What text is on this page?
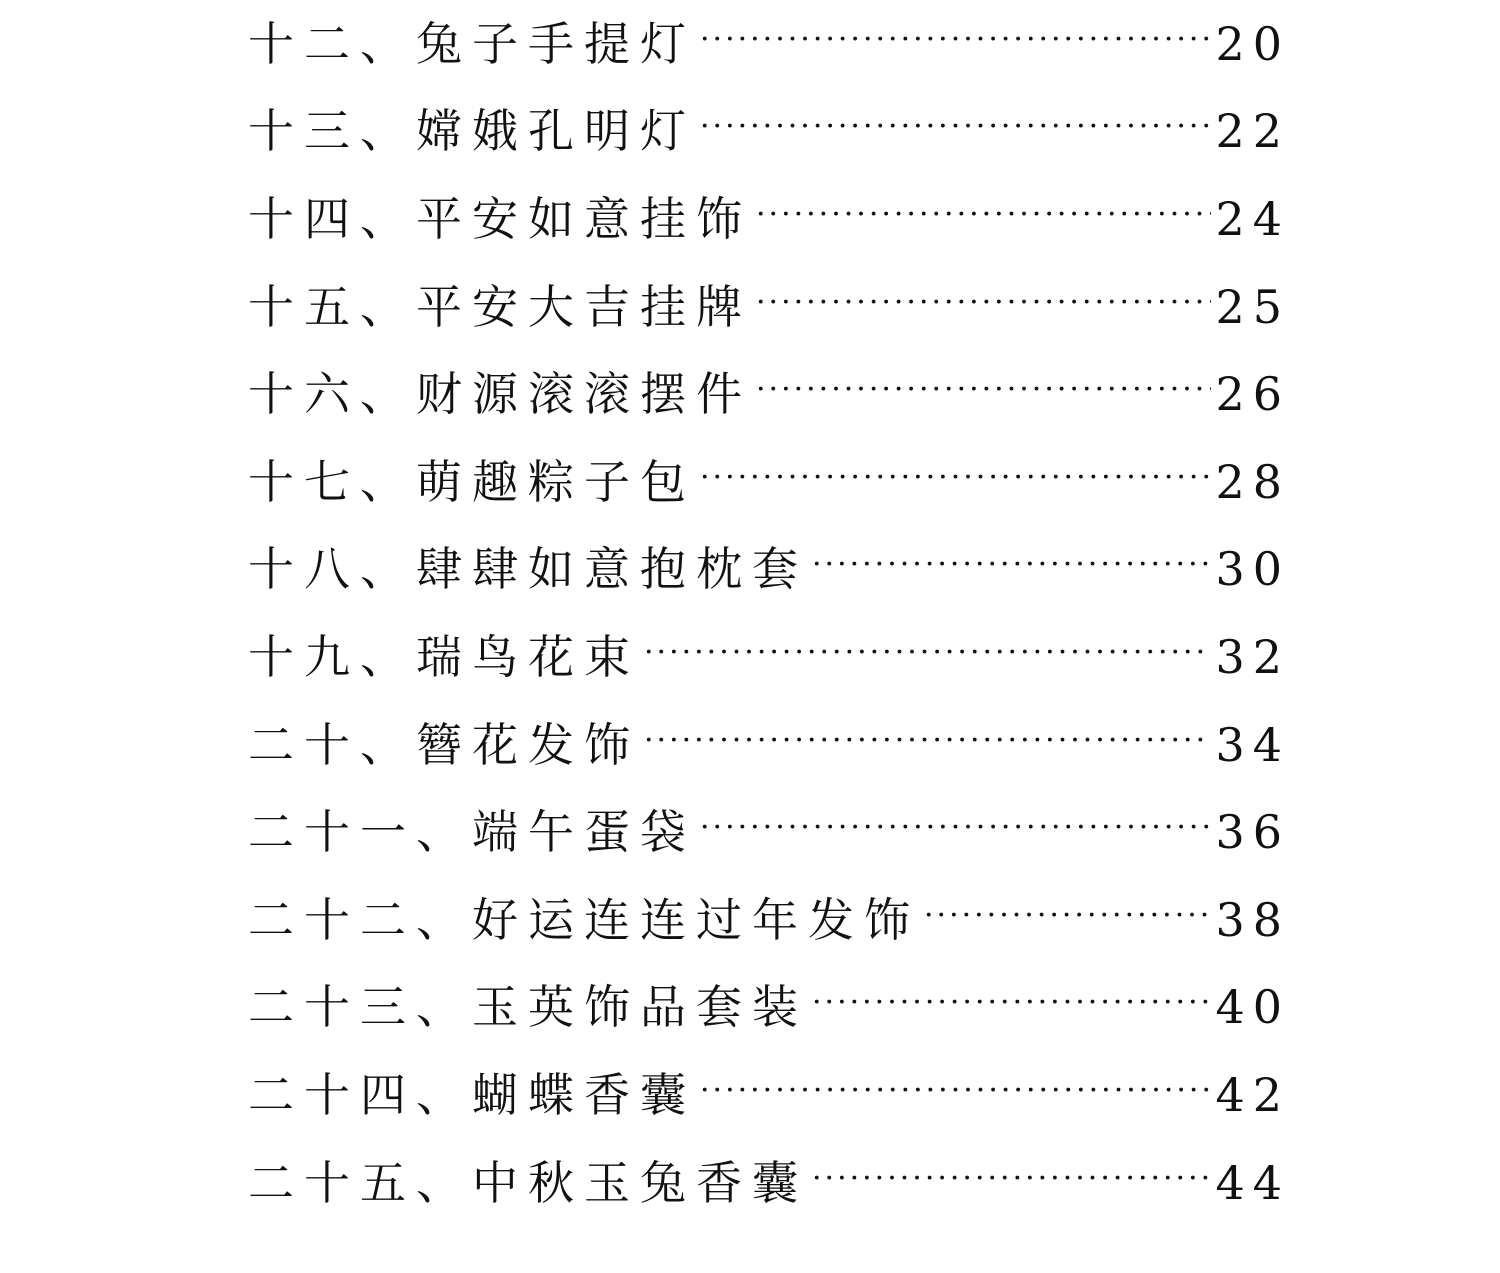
十二、 兔子手提灯 ·····	20
十三、 嫦娥孔明灯 ·····	22
十四、 平安如意挂饰 ·····	24
十五、 平安大吉挂牌 ·····	25
十六、 财源滚滚摆件 ·····	26
十七、 萌趣粽子包 ·····	28
十八、 肆肆如意抱枕套 ·····	30
十九、 瑞鸟花束 ·····	32
二十、 簪花发饰 ·····	34
二十一、 端午蛋袋 ·····	36
二十二、 好运连连过年发饰 ·····	38
二十三、 玉英饰品套装 ·····	40
二十四、 蝴蝶香囊 ·····	42
二十五、 中秋玉兔香囊 ·····	44
